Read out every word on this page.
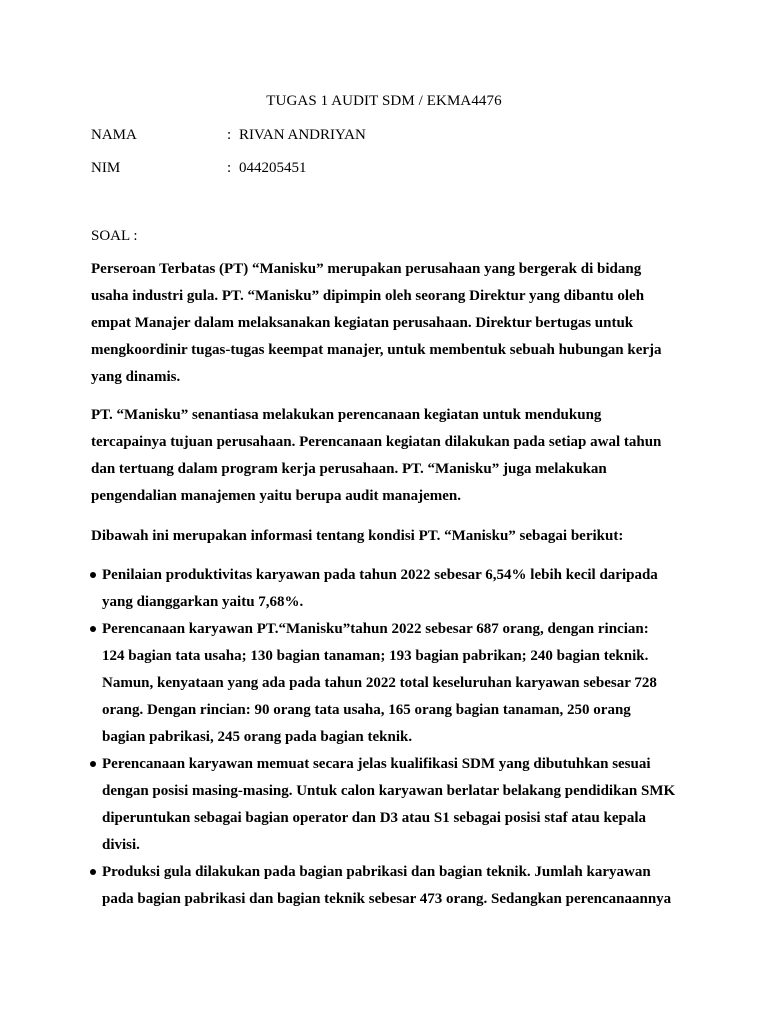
TUGAS 1 AUDIT SDM / EKMA4476
NAMA	: RIVAN ANDRIYAN
NIM	: 044205451
SOAL :
Perseroan Terbatas (PT) “Manisku” merupakan perusahaan yang bergerak di bidang
usaha industri gula. PT. “Manisku” dipimpin oleh seorang Direktur yang dibantu oleh
empat Manajer dalam melaksanakan kegiatan perusahaan. Direktur bertugas untuk
mengkoordinir tugas-tugas keempat manajer, untuk membentuk sebuah hubungan kerja
yang dinamis.
PT. “Manisku” senantiasa melakukan perencanaan kegiatan untuk mendukung
tercapainya tujuan perusahaan. Perencanaan kegiatan dilakukan pada setiap awal tahun
dan tertuang dalam program kerja perusahaan. PT. “Manisku” juga melakukan
pengendalian manajemen yaitu berupa audit manajemen.
Dibawah ini merupakan informasi tentang kondisi PT. “Manisku” sebagai berikut:
Penilaian produktivitas karyawan pada tahun 2022 sebesar 6,54% lebih kecil daripada
yang dianggarkan yaitu 7,68%.
Perencanaan karyawan PT.“Manisku”tahun 2022 sebesar 687 orang, dengan rincian:
124 bagian tata usaha; 130 bagian tanaman; 193 bagian pabrikan; 240 bagian teknik.
Namun, kenyataan yang ada pada tahun 2022 total keseluruhan karyawan sebesar 728
orang. Dengan rincian: 90 orang tata usaha, 165 orang bagian tanaman, 250 orang
bagian pabrikasi, 245 orang pada bagian teknik.
Perencanaan karyawan memuat secara jelas kualifikasi SDM yang dibutuhkan sesuai
dengan posisi masing-masing. Untuk calon karyawan berlatar belakang pendidikan SMK
diperuntukan sebagai bagian operator dan D3 atau S1 sebagai posisi staf atau kepala
divisi.
Produksi gula dilakukan pada bagian pabrikasi dan bagian teknik. Jumlah karyawan
pada bagian pabrikasi dan bagian teknik sebesar 473 orang. Sedangkan perencanaannya
